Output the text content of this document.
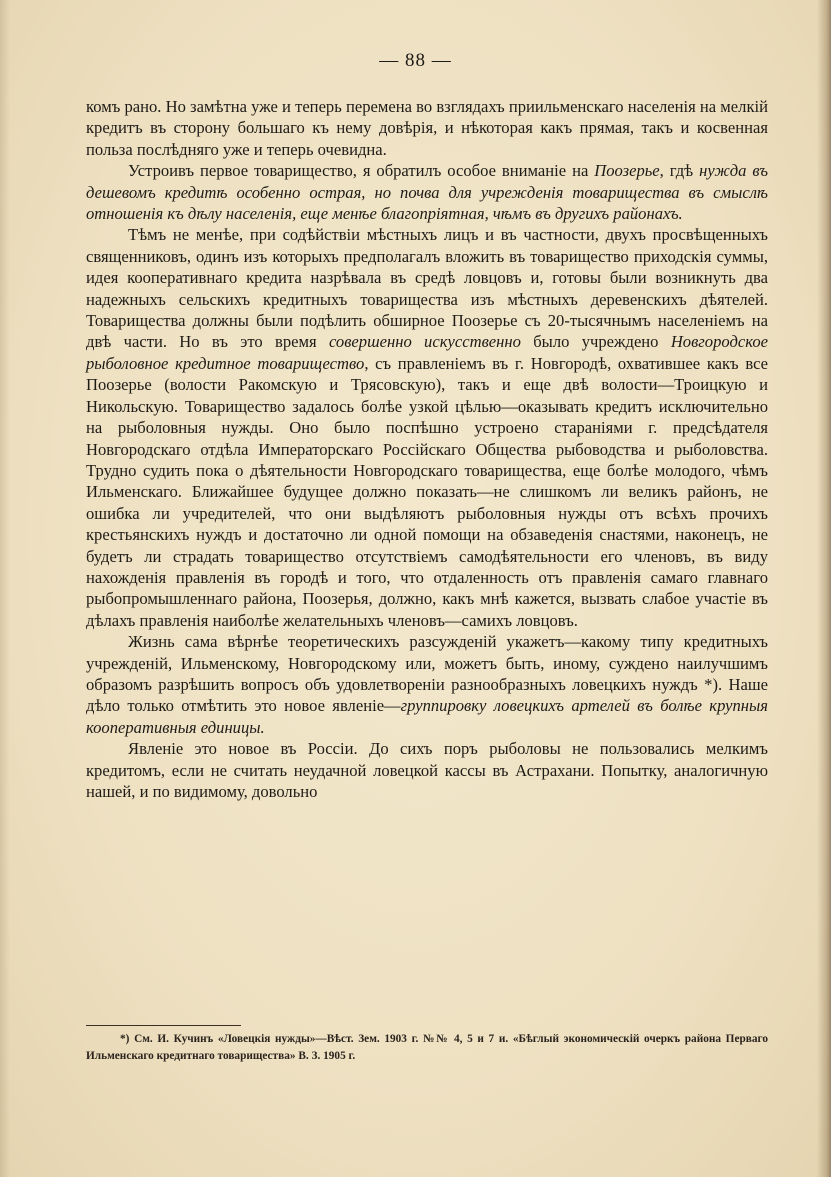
— 88 —

комъ рано. Но замѣтна уже и теперь перемена во взглядахъ приильменскаго населенія на мелкій кредитъ въ сторону большаго къ нему довѣрія, и нѣкоторая какъ прямая, такъ и косвенная польза послѣдняго уже и теперь очевидна.

Устроивъ первое товарищество, я обратилъ особое вниманіе на Поозерье, гдѣ нужда въ дешевомъ кредитѣ особенно острая, но почва для учрежденія товарищества въ смыслѣ отношенія къ дѣлу населенія, еще менѣе благопріятная, чѣмъ въ другихъ районахъ.

Тѣмъ не менѣе, при содѣйствіи мѣстныхъ лицъ и въ частности, двухъ просвѣщенныхъ священниковъ, одинъ изъ которыхъ предполагалъ вложить въ товарищество приходскія суммы, идея кооперативнаго кредита назрѣвала въ средѣ ловцовъ и, готовы были возникнуть два надежныхъ сельскихъ кредитныхъ товарищества изъ мѣстныхъ деревенскихъ дѣятелей. Товарищества должны были подѣлить обширное Поозерье съ 20-тысячнымъ населеніемъ на двѣ части. Но въ это время совершенно искусственно было учреждено Новгородское рыболовное кредитное товарищество, съ правленіемъ въ г. Новгородѣ, охватившее какъ все Поозерье (волости Ракомскую и Трясовскую), такъ и еще двѣ волости—Троицкую и Никольскую. Товарищество задалось болѣе узкой цѣлью—оказывать кредитъ исключительно на рыболовныя нужды. Оно было поспѣшно устроено стараніями г. предсѣдателя Новгородскаго отдѣла Императорскаго Россійскаго Общества рыбоводства и рыболовства. Трудно судить пока о дѣятельности Новгородскаго товарищества, еще болѣе молодого, чѣмъ Ильменскаго. Ближайшее будущее должно показать—не слишкомъ ли великъ районъ, не ошибка ли учредителей, что они выдѣляютъ рыболовныя нужды отъ всѣхъ прочихъ крестьянскихъ нуждъ и достаточно ли одной помощи на обзаведенія снастями, наконецъ, не будетъ ли страдать товарищество отсутствіемъ самодѣятельности его членовъ, въ виду нахожденія правленія въ городѣ и того, что отдаленность отъ правленія самаго главнаго рыбопромышленнаго района, Поозерья, должно, какъ мнѣ кажется, вызвать слабое участіе въ дѣлахъ правленія наиболѣе желательныхъ членовъ—самихъ ловцовъ.

Жизнь сама вѣрнѣе теоретическихъ разсужденій укажетъ—какому типу кредитныхъ учрежденій, Ильменскому, Новгородскому или, можетъ быть, иному, суждено наилучшимъ образомъ разрѣшить вопросъ объ удовлетвореніи разнообразныхъ ловецкихъ нуждъ *). Наше дѣло только отмѣтить это новое явленіе—группировку ловецкихъ артелей въ болѣе крупныя кооперативныя единицы.

Явленіе это новое въ Россіи. До сихъ поръ рыболовы не пользовались мелкимъ кредитомъ, если не считать неудачной ловецкой кассы въ Астрахани. Попытку, аналогичную нашей, и по видимому, довольно

*) См. И. Кучинъ «Ловецкія нужды»—Вѣст. Зем. 1903 г. №№ 4, 5 и 7 и. «Бѣглый экономическій очеркъ района Перваго Ильменскаго кредитнаго товарищества» В. З. 1905 г.
